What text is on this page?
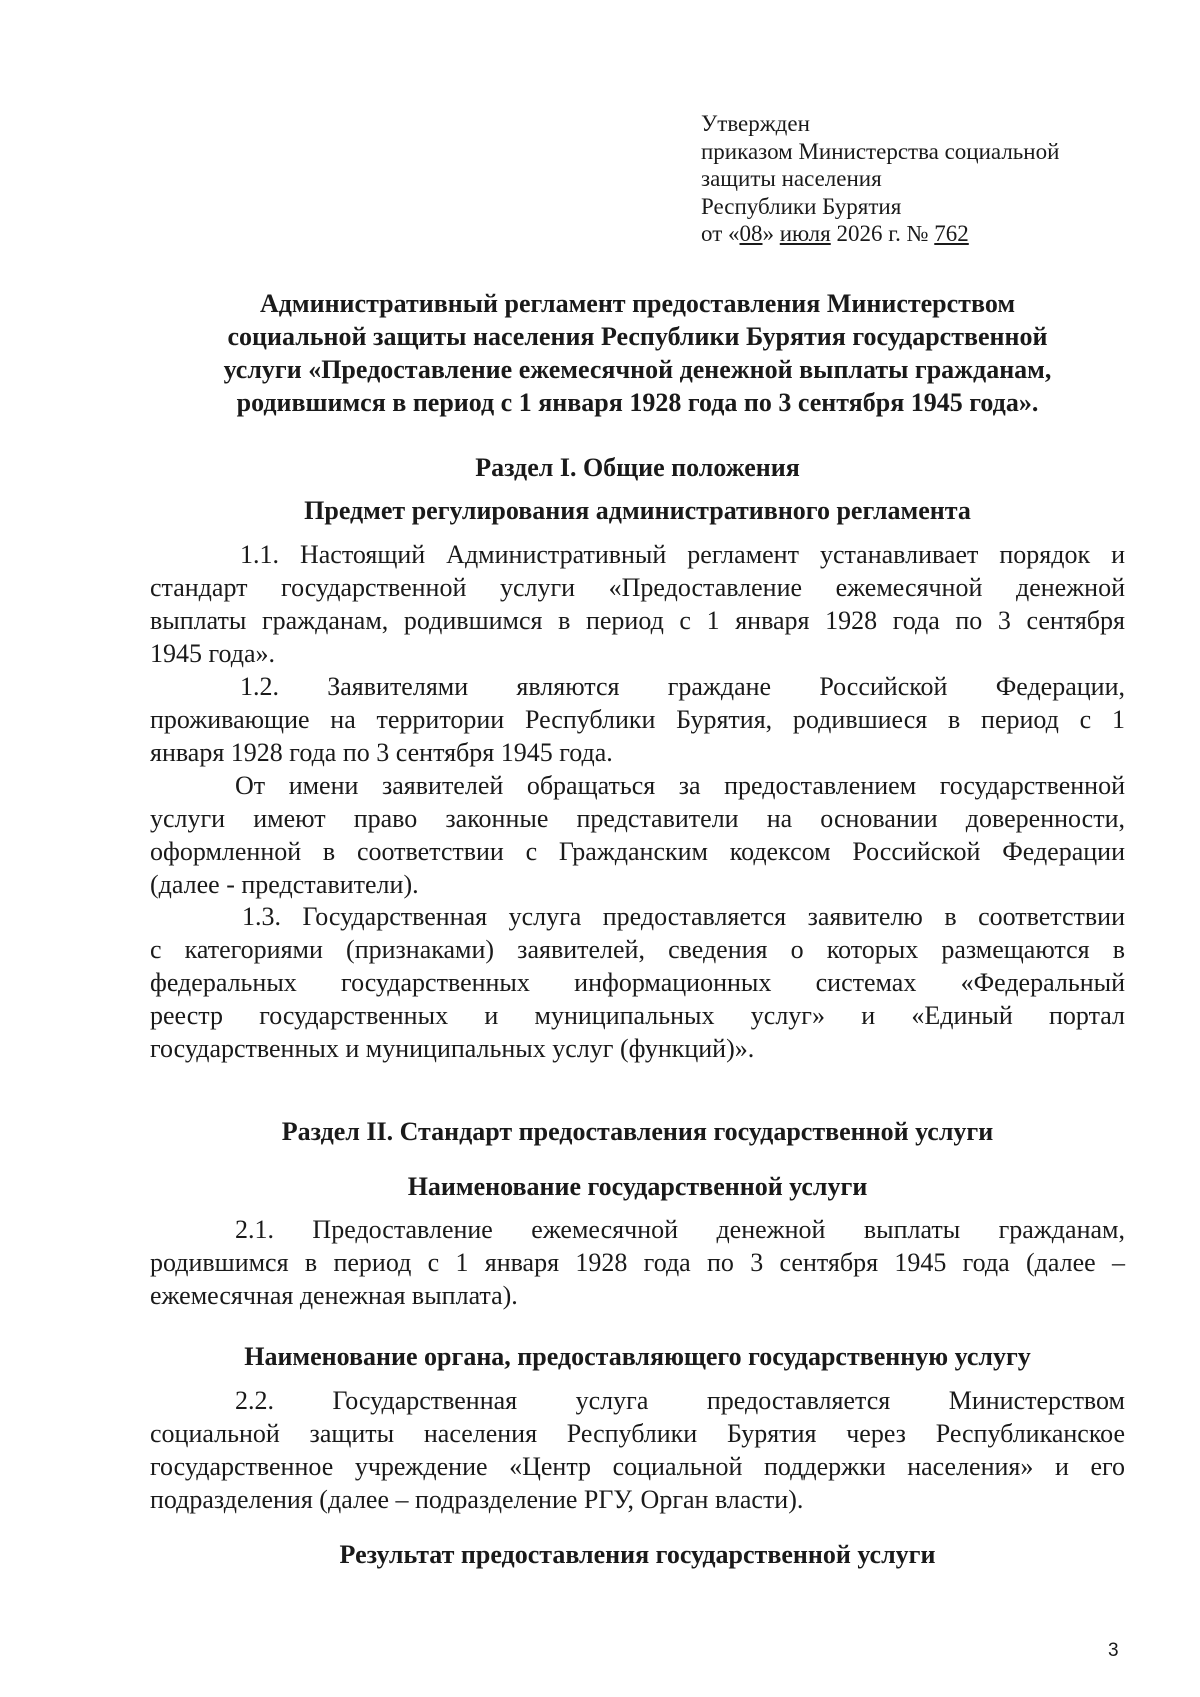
Утвержден
приказом Министерства социальной
защиты населения
Республики Бурятия
от «08» июля 2026 г. № 762
Административный регламент предоставления Министерством
социальной защиты населения Республики Бурятия государственной
услуги «Предоставление ежемесячной денежной выплаты гражданам,
родившимся в период с 1 января 1928 года по 3 сентября 1945 года».
Раздел I. Общие положения
Предмет регулирования административного регламента
1.1. Настоящий Административный регламент устанавливает порядок и
стандарт государственной услуги «Предоставление ежемесячной денежной
выплаты гражданам, родившимся в период с 1 января 1928 года по 3 сентября
1945 года».
1.2. Заявителями являются граждане Российской Федерации,
проживающие на территории Республики Бурятия, родившиеся в период с 1
января 1928 года по 3 сентября 1945 года.
От имени заявителей обращаться за предоставлением государственной
услуги имеют право законные представители на основании доверенности,
оформленной в соответствии с Гражданским кодексом Российской Федерации
(далее - представители).
1.3. Государственная услуга предоставляется заявителю в соответствии
с категориями (признаками) заявителей, сведения о которых размещаются в
федеральных государственных информационных системах «Федеральный
реестр государственных и муниципальных услуг» и «Единый портал
государственных и муниципальных услуг (функций)».
Раздел II. Стандарт предоставления государственной услуги
Наименование государственной услуги
2.1. Предоставление ежемесячной денежной выплаты гражданам,
родившимся в период с 1 января 1928 года по 3 сентября 1945 года (далее –
ежемесячная денежная выплата).
Наименование органа, предоставляющего государственную услугу
2.2. Государственная услуга предоставляется Министерством
социальной защиты населения Республики Бурятия через Республиканское
государственное учреждение «Центр социальной поддержки населения» и его
подразделения (далее – подразделение РГУ, Орган власти).
Результат предоставления государственной услуги
3
